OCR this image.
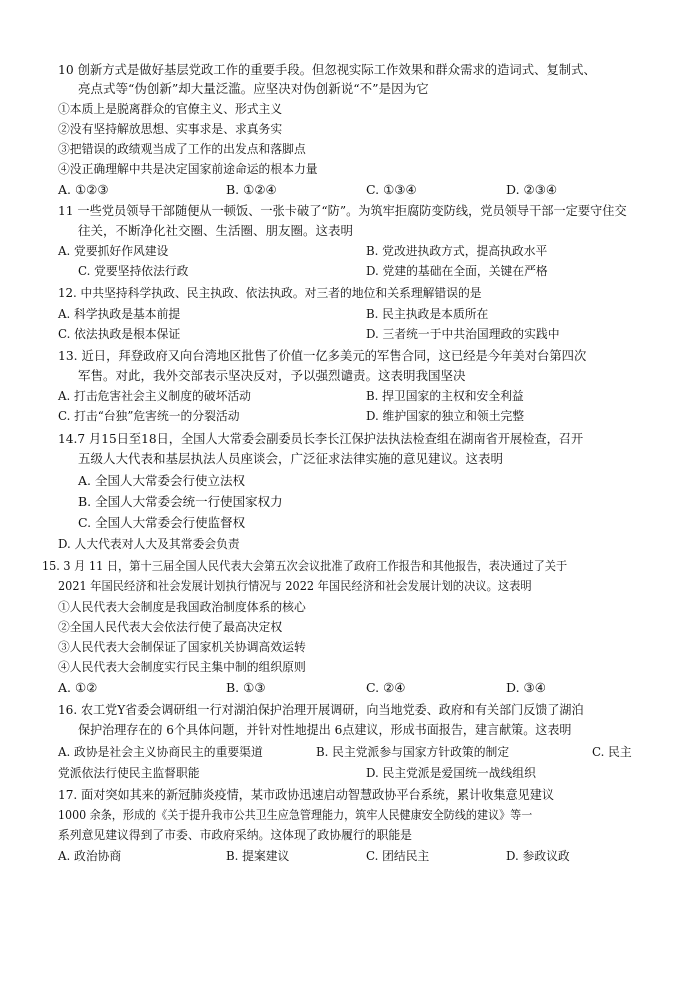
10 创新方式是做好基层党政工作的重要手段。但忽视实际工作效果和群众需求的造词式、复制式、
亮点式等“伪创新”却大量泛滥。应坚决对伪创新说“不”是因为它
①本质上是脱离群众的官僚主义、形式主义
②没有坚持解放思想、实事求是、求真务实
③把错误的政绩观当成了工作的出发点和落脚点
④没正确理解中共是决定国家前途命运的根本力量
A. ①②③	B. ①②④	C. ①③④	D. ②③④
11 一些党员领导干部随便从一顿饭、一张卡破了“防”。为筑牢拒腐防变防线，党员领导干部一定要守住交
往关，不断净化社交圈、生活圈、朋友圈。这表明
A. 党要抓好作风建设	B. 党改进执政方式，提高执政水平
C. 党要坚持依法行政	D. 党建的基础在全面，关键在严格
12. 中共坚持科学执政、民主执政、依法执政。对三者的地位和关系理解错误的是
A. 科学执政是基本前提	B. 民主执政是本质所在
C. 依法执政是根本保证	D. 三者统一于中共治国理政的实践中
13. 近日，拜登政府又向台湾地区批售了价值一亿多美元的军售合同，这已经是今年美对台第四次
军售。对此，我外交部表示坚决反对，予以强烈谴责。这表明我国坚决
A. 打击危害社会主义制度的破坏活动	B. 捍卫国家的主权和安全利益
C. 打击“台独”危害统一的分裂活动	D. 维护国家的独立和领土完整
14.7 月15日至18日，全国人大常委会副委员长李长江保护法执法检查组在湖南省开展检查，召开
五级人大代表和基层执法人员座谈会，广泛征求法律实施的意见建议。这表明
A. 全国人大常委会行使立法权
B. 全国人大常委会统一行使国家权力
C. 全国人大常委会行使监督权
D. 人大代表对人大及其常委会负责
15. 3 月 11 日，第十三届全国人民代表大会第五次会议批准了政府工作报告和其他报告，表决通过了关于
2021 年国民经济和社会发展计划执行情况与 2022 年国民经济和社会发展计划的决议。这表明
①人民代表大会制度是我国政治制度体系的核心
②全国人民代表大会依法行使了最高决定权
③人民代表大会制保证了国家机关协调高效运转
④人民代表大会制度实行民主集中制的组织原则
A. ①②	B. ①③	C. ②④	D. ③④
16. 农工党Y省委会调研组一行对湖泊保护治理开展调研，向当地党委、政府和有关部门反馈了湖泊
保护治理存在的 6个具体问题，并针对性地提出 6点建议，形成书面报告，建言献策。这表明
A. 政协是社会主义协商民主的重要渠道	B. 民主党派参与国家方针政策的制定	C. 民主
党派依法行使民主监督职能	D. 民主党派是爱国统一战线组织
17. 面对突如其来的新冠肺炎疫情，某市政协迅速启动智慧政协平台系统，累计收集意见建议
1000 余条，形成的《关于提升我市公共卫生应急管理能力，筑牢人民健康安全防线的建议》等一
系列意见建议得到了市委、市政府采纳。这体现了政协履行的职能是
A. 政治协商	B. 提案建议	C. 团结民主	D. 参政议政
